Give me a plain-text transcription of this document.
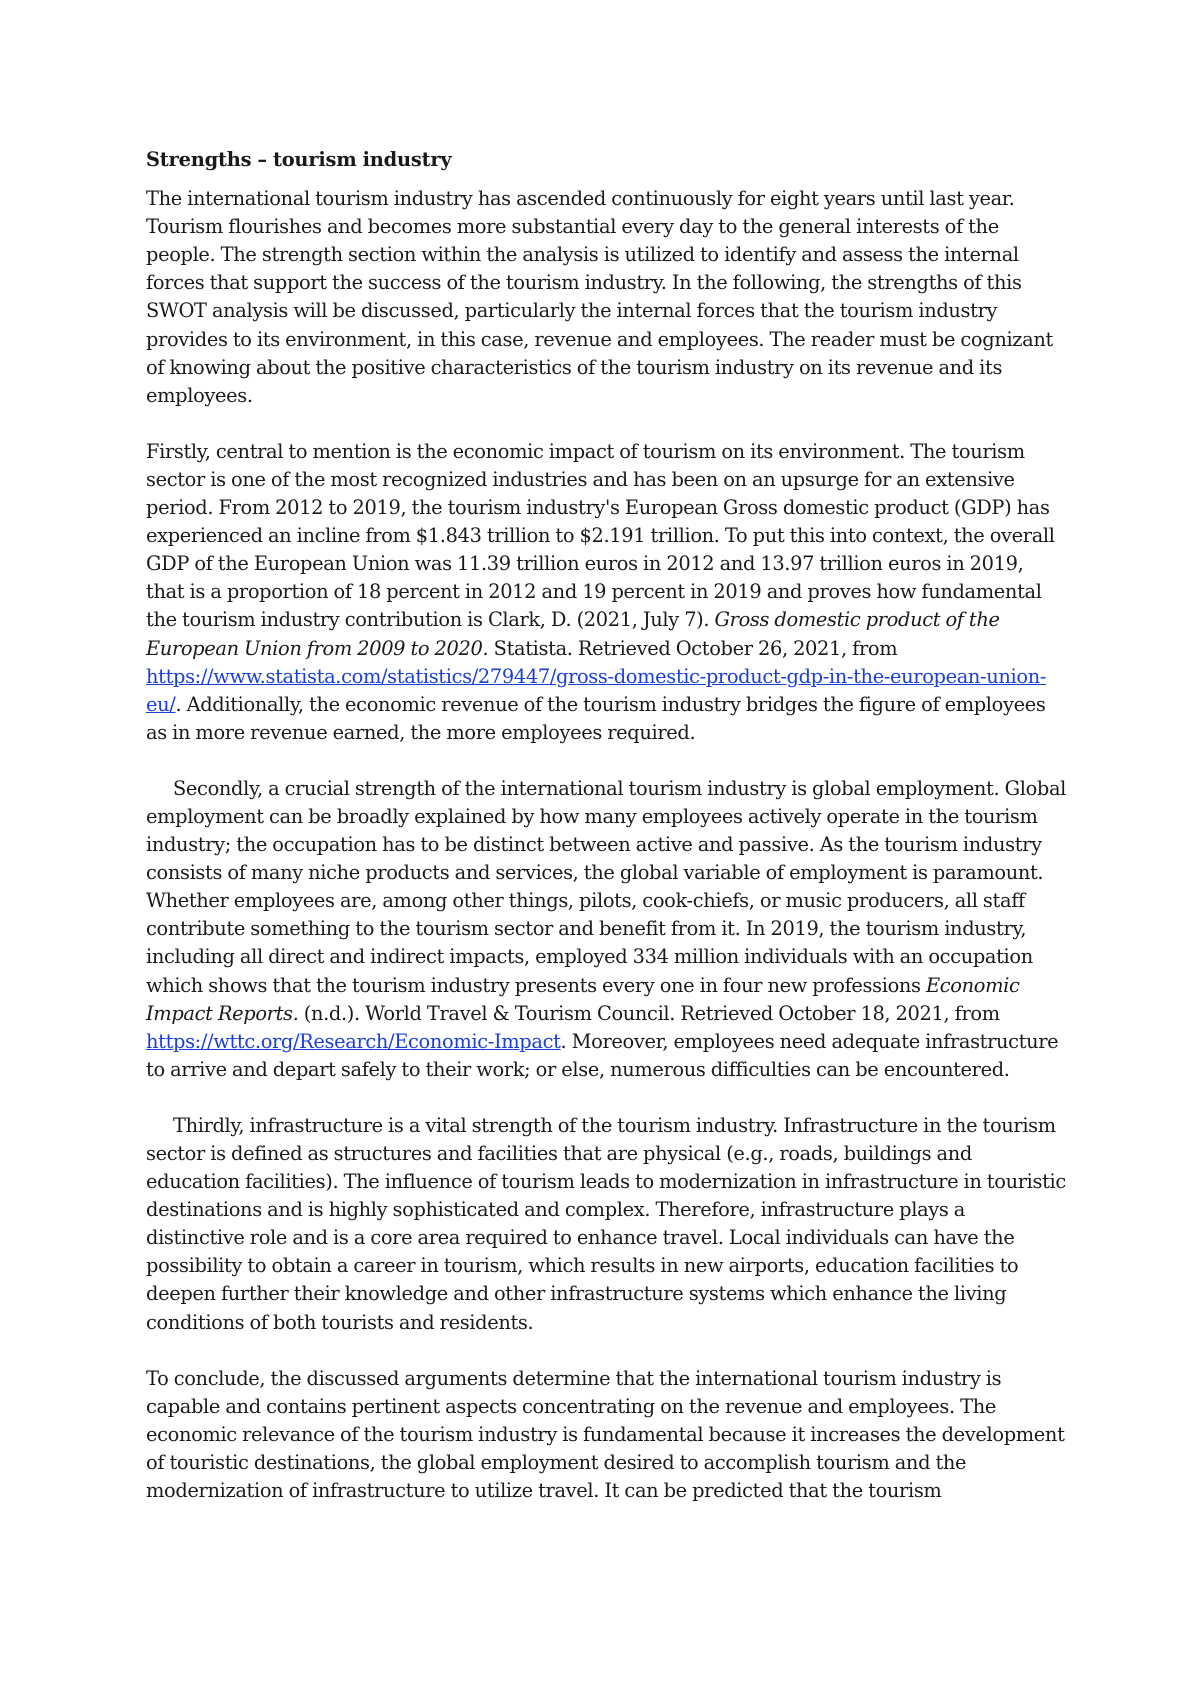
Strengths – tourism industry

The international tourism industry has ascended continuously for eight years until last year. Tourism flourishes and becomes more substantial every day to the general interests of the people. The strength section within the analysis is utilized to identify and assess the internal forces that support the success of the tourism industry. In the following, the strengths of this SWOT analysis will be discussed, particularly the internal forces that the tourism industry provides to its environment, in this case, revenue and employees. The reader must be cognizant of knowing about the positive characteristics of the tourism industry on its revenue and its employees.

Firstly, central to mention is the economic impact of tourism on its environment. The tourism sector is one of the most recognized industries and has been on an upsurge for an extensive period. From 2012 to 2019, the tourism industry's European Gross domestic product (GDP) has experienced an incline from $1.843 trillion to $2.191 trillion. To put this into context, the overall GDP of the European Union was 11.39 trillion euros in 2012 and 13.97 trillion euros in 2019, that is a proportion of 18 percent in 2012 and 19 percent in 2019 and proves how fundamental the tourism industry contribution is Clark, D. (2021, July 7). Gross domestic product of the European Union from 2009 to 2020. Statista. Retrieved October 26, 2021, from https://www.statista.com/statistics/279447/gross-domestic-product-gdp-in-the-european-union-eu/. Additionally, the economic revenue of the tourism industry bridges the figure of employees as in more revenue earned, the more employees required.

Secondly, a crucial strength of the international tourism industry is global employment. Global employment can be broadly explained by how many employees actively operate in the tourism industry; the occupation has to be distinct between active and passive. As the tourism industry consists of many niche products and services, the global variable of employment is paramount. Whether employees are, among other things, pilots, cook-chiefs, or music producers, all staff contribute something to the tourism sector and benefit from it. In 2019, the tourism industry, including all direct and indirect impacts, employed 334 million individuals with an occupation which shows that the tourism industry presents every one in four new professions Economic Impact Reports. (n.d.). World Travel & Tourism Council. Retrieved October 18, 2021, from https://wttc.org/Research/Economic-Impact. Moreover, employees need adequate infrastructure to arrive and depart safely to their work; or else, numerous difficulties can be encountered.

Thirdly, infrastructure is a vital strength of the tourism industry. Infrastructure in the tourism sector is defined as structures and facilities that are physical (e.g., roads, buildings and education facilities). The influence of tourism leads to modernization in infrastructure in touristic destinations and is highly sophisticated and complex. Therefore, infrastructure plays a distinctive role and is a core area required to enhance travel. Local individuals can have the possibility to obtain a career in tourism, which results in new airports, education facilities to deepen further their knowledge and other infrastructure systems which enhance the living conditions of both tourists and residents.

To conclude, the discussed arguments determine that the international tourism industry is capable and contains pertinent aspects concentrating on the revenue and employees. The economic relevance of the tourism industry is fundamental because it increases the development of touristic destinations, the global employment desired to accomplish tourism and the modernization of infrastructure to utilize travel. It can be predicted that the tourism
